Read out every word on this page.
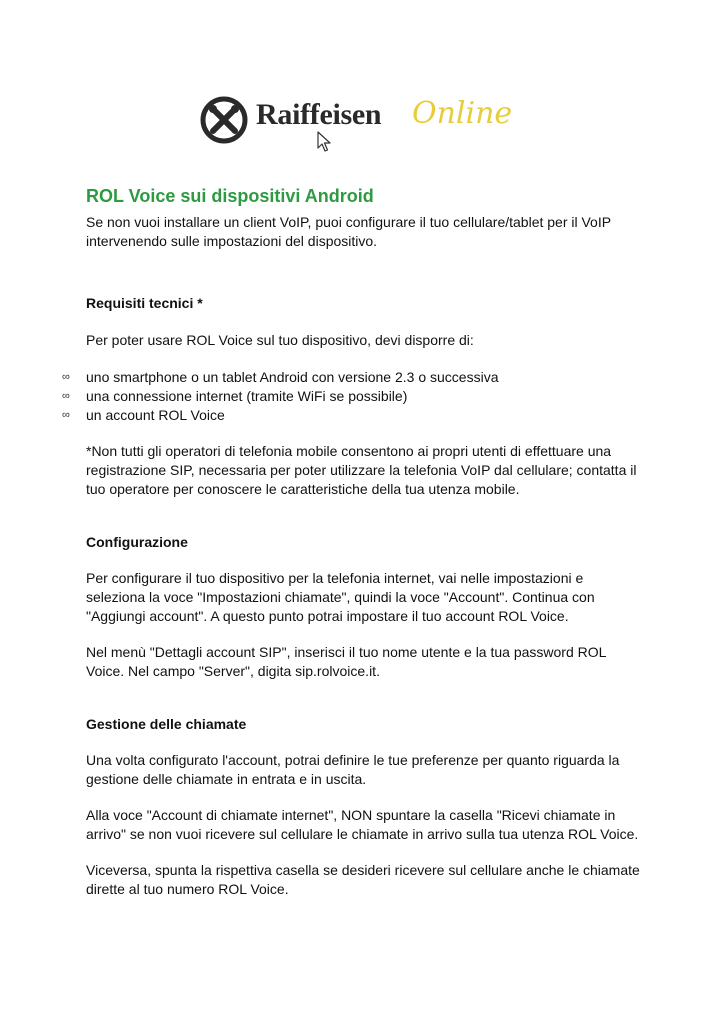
Raiffeisen Online
ROL Voice sui dispositivi Android

Se non vuoi installare un client VoIP, puoi configurare il tuo cellulare/tablet per il VoIP intervenendo sulle impostazioni del dispositivo.

Requisiti tecnici *

Per poter usare ROL Voice sul tuo dispositivo, devi disporre di:

∞ uno smartphone o un tablet Android con versione 2.3 o successiva
∞ una connessione internet (tramite WiFi se possibile)
∞ un account ROL Voice

*Non tutti gli operatori di telefonia mobile consentono ai propri utenti di effettuare una registrazione SIP, necessaria per poter utilizzare la telefonia VoIP dal cellulare; contatta il tuo operatore per conoscere le caratteristiche della tua utenza mobile.

Configurazione

Per configurare il tuo dispositivo per la telefonia internet, vai nelle impostazioni e seleziona la voce "Impostazioni chiamate", quindi la voce "Account". Continua con "Aggiungi account". A questo punto potrai impostare il tuo account ROL Voice.

Nel menù "Dettagli account SIP", inserisci il tuo nome utente e la tua password ROL Voice. Nel campo "Server", digita sip.rolvoice.it.

Gestione delle chiamate

Una volta configurato l'account, potrai definire le tue preferenze per quanto riguarda la gestione delle chiamate in entrata e in uscita.

Alla voce "Account di chiamate internet", NON spuntare la casella "Ricevi chiamate in arrivo" se non vuoi ricevere sul cellulare le chiamate in arrivo sulla tua utenza ROL Voice.

Viceversa, spunta la rispettiva casella se desideri ricevere sul cellulare anche le chiamate dirette al tuo numero ROL Voice.
